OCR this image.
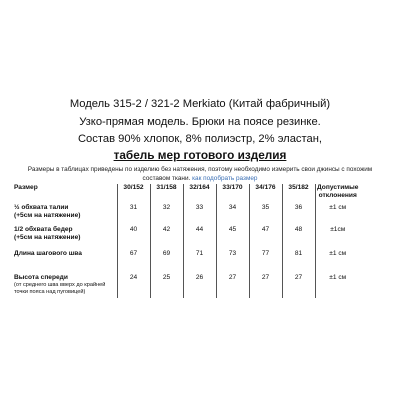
Модель 315-2 / 321-2 Merkiato (Китай фабричный)
Узко-прямая модель. Брюки на поясе резинке.
Состав 90% хлопок, 8% полиэстр, 2% эластан,
табель мер готового изделия
Размеры в таблицах приведены по изделию без натяжения, поэтому необходимо измерить свои джинсы с похожим
составом ткани. как подобрать размер
Размер	30/152	31/158	32/164	33/170	34/176	35/182	Допустимые
отклонения

½ обхвата талии
(+5см на натяжение)	31	32	33	34	35	36	±1 см

1/2 обхвата бедер
(+5см на натяжение)	40	42	44	45	47	48	±1см

Длина шагового шва	67	69	71	73	77	81	±1 см

Высота спереди
(от среднего шва вверх до крайней точки пояса над пуговицей)	24	25	26	27	27	27	±1 см
